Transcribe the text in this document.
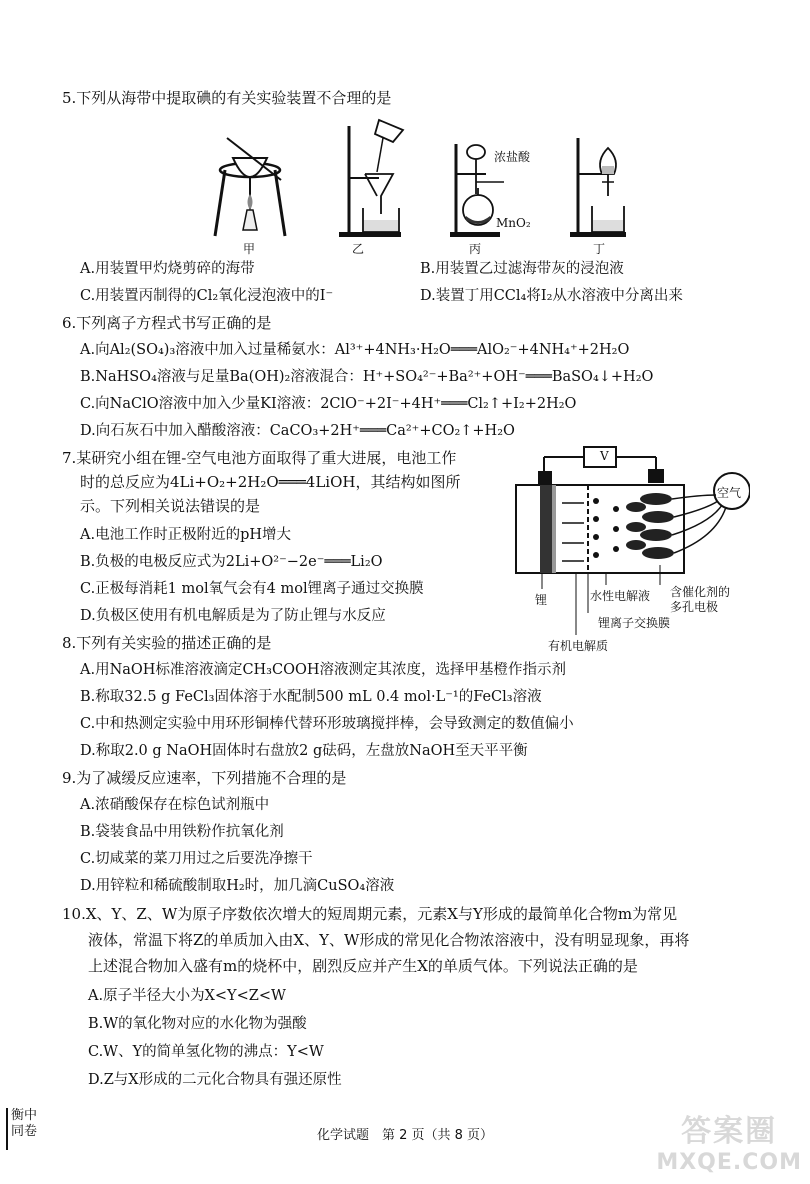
5.下列从海带中提取碘的有关实验装置不合理的是
甲	乙
浓盐酸
MnO₂
丙	丁
A.用装置甲灼烧剪碎的海带	B.用装置乙过滤海带灰的浸泡液
C.用装置丙制得的Cl₂氧化浸泡液中的I⁻	D.装置丁用CCl₄将I₂从水溶液中分离出来
6.下列离子方程式书写正确的是
A.向Al₂(SO₄)₃溶液中加入过量稀氨水：Al³⁺+4NH₃·H₂O═══AlO₂⁻+4NH₄⁺+2H₂O
B.NaHSO₄溶液与足量Ba(OH)₂溶液混合：H⁺+SO₄²⁻+Ba²⁺+OH⁻═══BaSO₄↓+H₂O
C.向NaClO溶液中加入少量KI溶液：2ClO⁻+2I⁻+4H⁺═══Cl₂↑+I₂+2H₂O
D.向石灰石中加入醋酸溶液：CaCO₃+2H⁺═══Ca²⁺+CO₂↑+H₂O
7.某研究小组在锂-空气电池方面取得了重大进展，电池工作
时的总反应为4Li+O₂+2H₂O═══4LiOH，其结构如图所
示。下列相关说法错误的是
A.电池工作时正极附近的pH增大
B.负极的电极反应式为2Li+O²⁻−2e⁻═══Li₂O
C.正极每消耗1 mol氧气会有4 mol锂离子通过交换膜
D.负极区使用有机电解质是为了防止锂与水反应
V
空气
锂	水性电解液 含催化剂的
多孔电极
锂离子交换膜
有机电解质
8.下列有关实验的描述正确的是
A.用NaOH标准溶液滴定CH₃COOH溶液测定其浓度，选择甲基橙作指示剂
B.称取32.5 g FeCl₃固体溶于水配制500 mL 0.4 mol·L⁻¹的FeCl₃溶液
C.中和热测定实验中用环形铜棒代替环形玻璃搅拌棒，会导致测定的数值偏小
D.称取2.0 g NaOH固体时右盘放2 g砝码，左盘放NaOH至天平平衡
9.为了减缓反应速率，下列措施不合理的是
A.浓硝酸保存在棕色试剂瓶中
B.袋装食品中用铁粉作抗氧化剂
C.切咸菜的菜刀用过之后要洗净擦干
D.用锌粒和稀硫酸制取H₂时，加几滴CuSO₄溶液
10.X、Y、Z、W为原子序数依次增大的短周期元素，元素X与Y形成的最简单化合物m为常见
液体，常温下将Z的单质加入由X、Y、W形成的常见化合物浓溶液中，没有明显现象，再将
上述混合物加入盛有m的烧杯中，剧烈反应并产生X的单质气体。下列说法正确的是
A.原子半径大小为X<Y<Z<W
B.W的氧化物对应的水化物为强酸
C.W、Y的简单氢化物的沸点：Y<W
D.Z与X形成的二元化合物具有强还原性
衡中
同卷	化学试题　第 2 页（共 8 页）	答案圈
MXQE.COM
